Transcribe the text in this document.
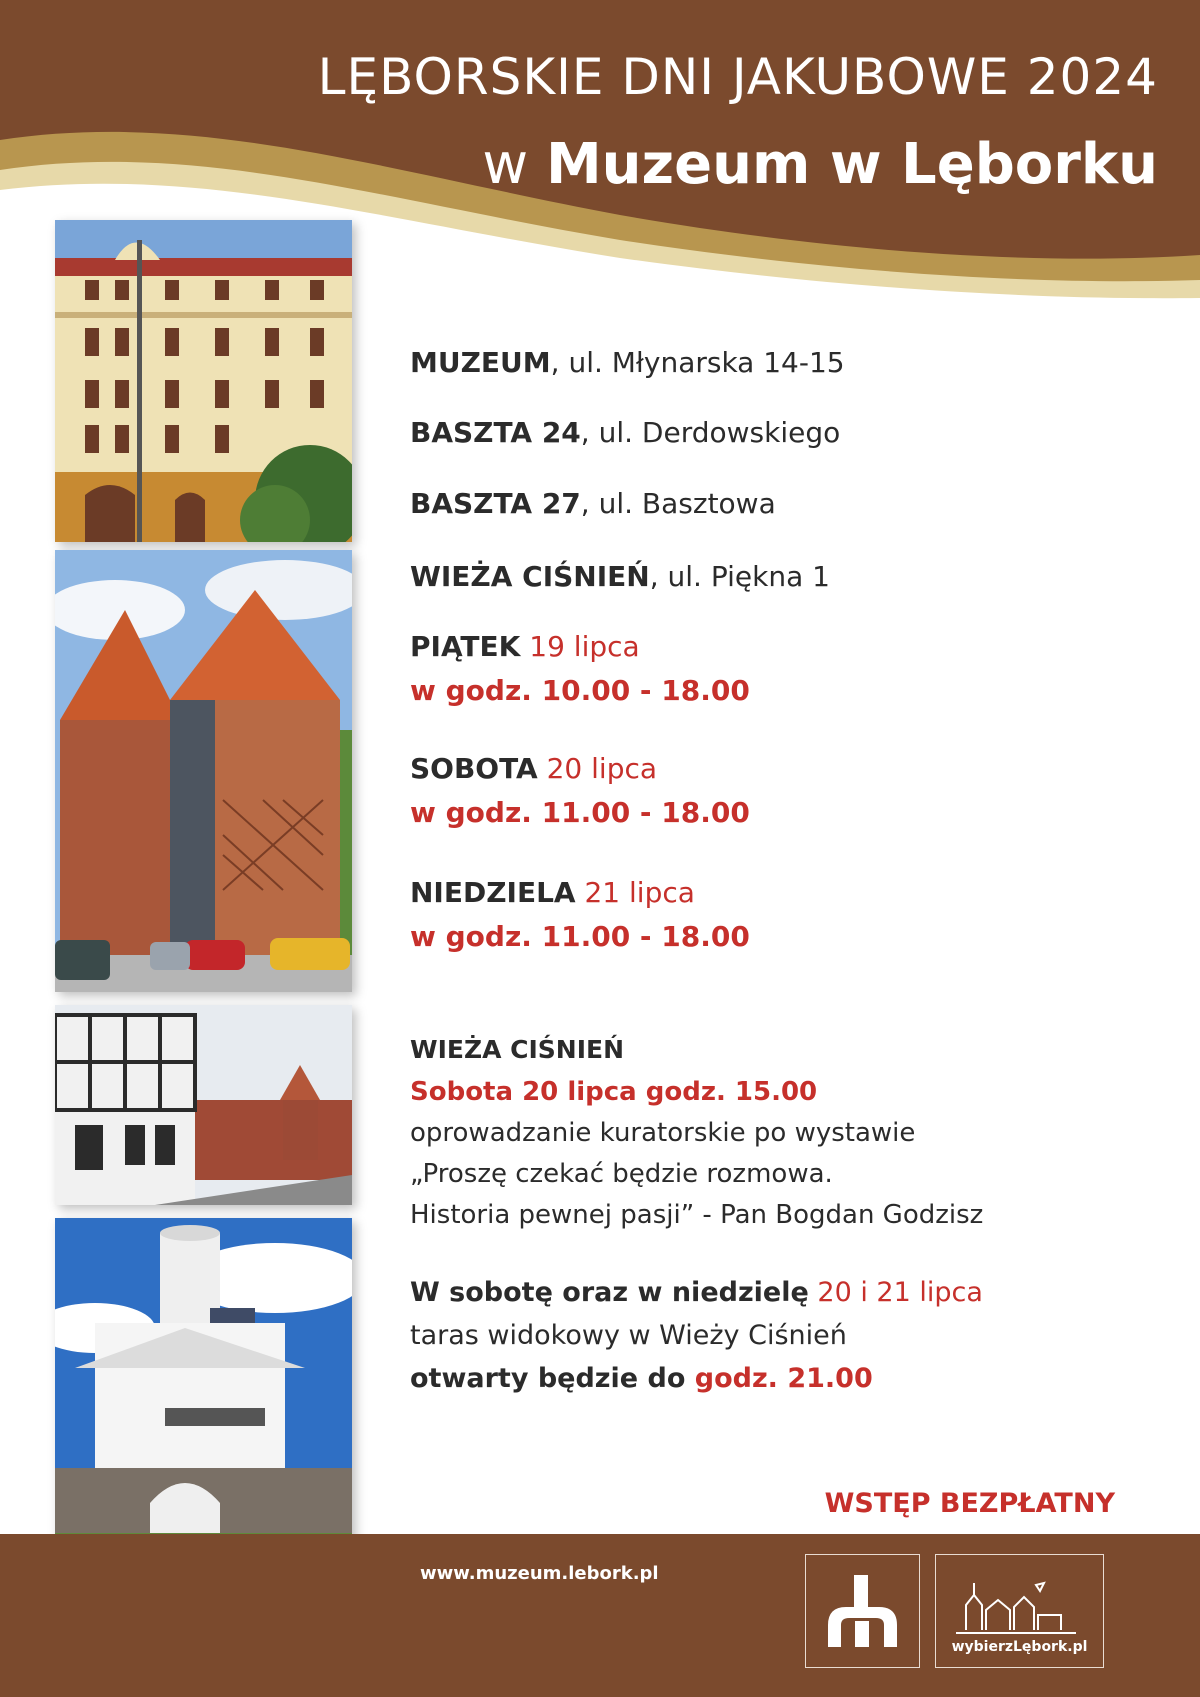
LĘBORSKIE DNI JAKUBOWE 2024
w Muzeum w Lęborku
MUZEUM, ul. Młynarska 14-15
BASZTA 24, ul. Derdowskiego
BASZTA 27, ul. Basztowa
WIEŻA CIŚNIEŃ, ul. Piękna 1
PIĄTEK 19 lipca
w godz. 10.00 - 18.00
SOBOTA 20 lipca
w godz. 11.00 - 18.00
NIEDZIELA 21 lipca
w godz. 11.00 - 18.00
WIEŻA CIŚNIEŃ
Sobota 20 lipca godz. 15.00
oprowadzanie kuratorskie po wystawie
„Proszę czekać będzie rozmowa.
Historia pewnej pasji” - Pan Bogdan Godzisz
W sobotę oraz w niedzielę 20 i 21 lipca
taras widokowy w Wieży Ciśnień
otwarty będzie do godz. 21.00
WSTĘP BEZPŁATNY
www.muzeum.lebork.pl
wybierzLębork.pl
